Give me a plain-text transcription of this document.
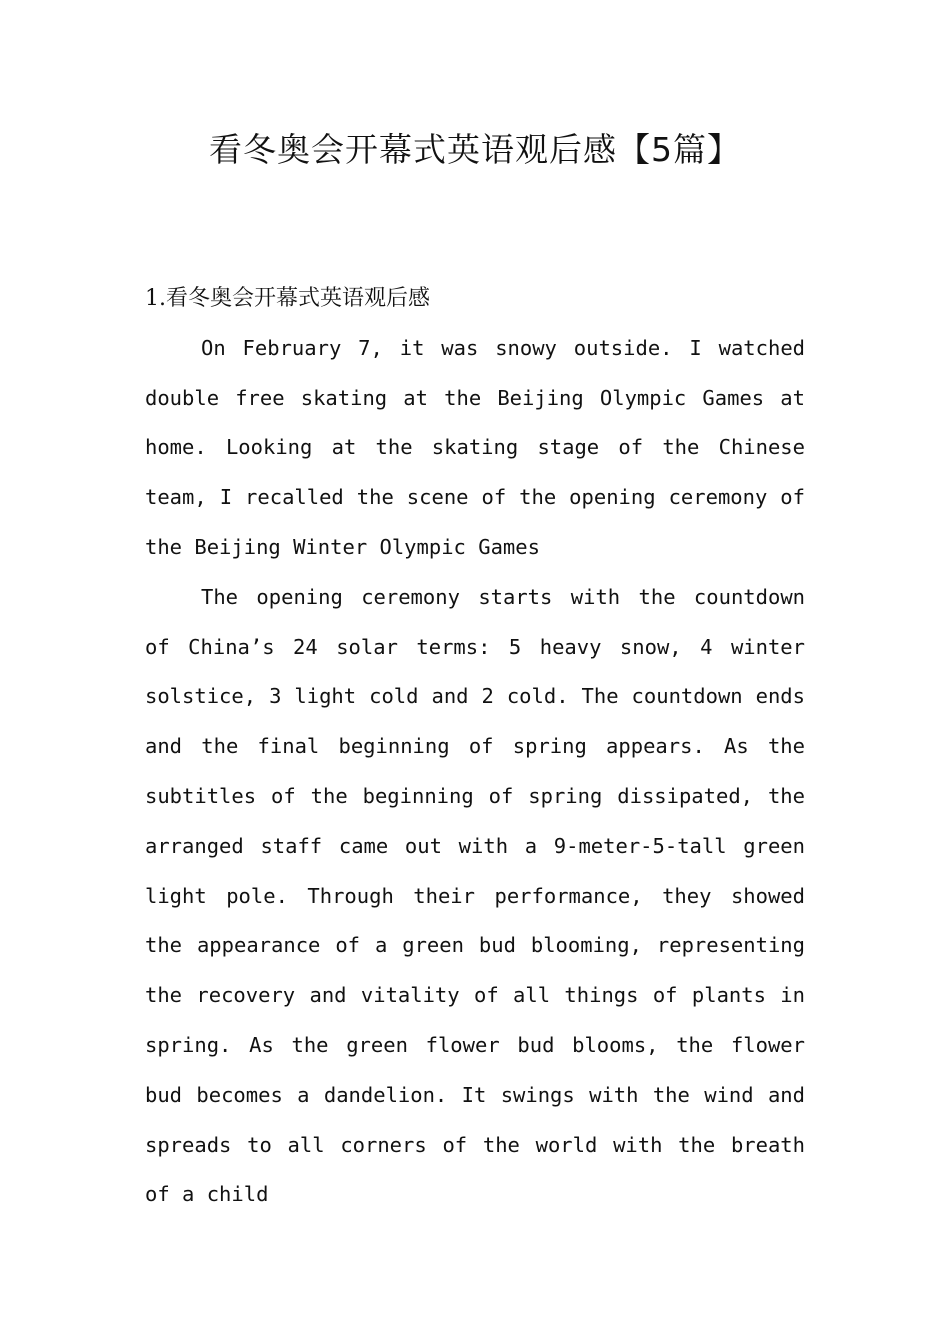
看冬奥会开幕式英语观后感【5篇】

1.看冬奥会开幕式英语观后感

On February 7, it was snowy outside. I watched double free skating at the Beijing Olympic Games at home. Looking at the skating stage of the Chinese team, I recalled the scene of the opening ceremony of the Beijing Winter Olympic Games

The opening ceremony starts with the countdown of China’s 24 solar terms: 5 heavy snow, 4 winter solstice, 3 light cold and 2 cold. The countdown ends and the final beginning of spring appears. As the subtitles of the beginning of spring dissipated, the arranged staff came out with a 9-meter-5-tall green light pole. Through their performance, they showed the appearance of a green bud blooming, representing the recovery and vitality of all things of plants in spring. As the green flower bud blooms, the flower bud becomes a dandelion. It swings with the wind and spreads to all corners of the world with the breath of a child
